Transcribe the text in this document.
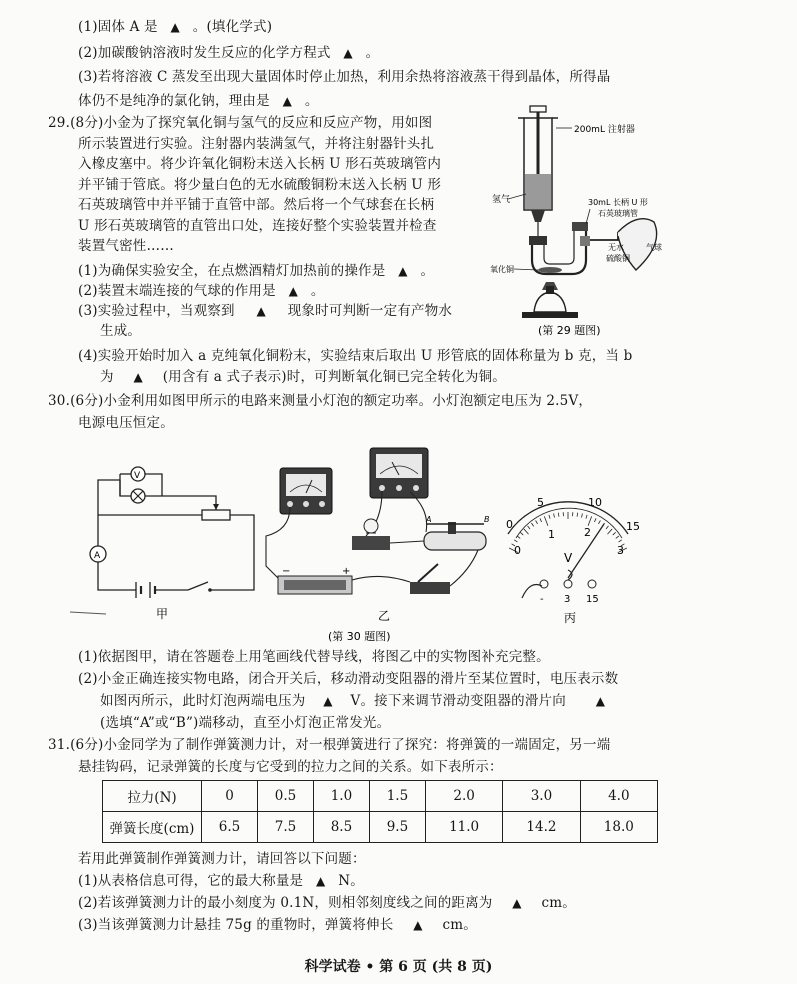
(1)固体 A 是 ▲ 。(填化学式)
(2)加碳酸钠溶液时发生反应的化学方程式 ▲ 。
(3)若将溶液 C 蒸发至出现大量固体时停止加热，利用余热将溶液蒸干得到晶体，所得晶
体仍不是纯净的氯化钠，理由是 ▲ 。
29.(8分)小金为了探究氧化铜与氢气的反应和反应产物，用如图
所示装置进行实验。注射器内装满氢气，并将注射器针头扎
入橡皮塞中。将少许氧化铜粉末送入长柄 U 形石英玻璃管内
并平铺于管底。将少量白色的无水硫酸铜粉末送入长柄 U 形
石英玻璃管中并平铺于直管中部。然后将一个气球套在长柄
U 形石英玻璃管的直管出口处，连接好整个实验装置并检查
装置气密性……
(1)为确保实验安全，在点燃酒精灯加热前的操作是 ▲ 。
(2)装置末端连接的气球的作用是 ▲ 。
(3)实验过程中，当观察到 ▲ 现象时可判断一定有产物水
生成。
(4)实验开始时加入 a 克纯氧化铜粉末，实验结束后取出 U 形管底的固体称量为 b 克，当 b
为 ▲ (用含有 a 式子表示)时，可判断氧化铜已完全转化为铜。
200mL 注射器
氢气	30mL 长柄 U 形
石英玻璃管
无水
硫酸铜
气球
氧化铜
(第 29 题图)
30.(6分)小金利用如图甲所示的电路来测量小灯泡的额定功率。小灯泡额定电压为 2.5V，
电源电压恒定。
V
A
甲
A	B
−	+
乙
0
5	10
15
0
1	2
3
V
- 3 15
丙
(第 30 题图)
(1)依据图甲，请在答题卷上用笔画线代替导线，将图乙中的实物图补充完整。
(2)小金正确连接实物电路，闭合开关后，移动滑动变阻器的滑片至某位置时，电压表示数
如图丙所示，此时灯泡两端电压为 ▲ V。接下来调节滑动变阻器的滑片向 ▲
(选填“A”或“B”)端移动，直至小灯泡正常发光。
31.(6分)小金同学为了制作弹簧测力计，对一根弹簧进行了探究：将弹簧的一端固定，另一端
悬挂钩码，记录弹簧的长度与它受到的拉力之间的关系。如下表所示：
拉力(N)	0	0.5	1.0	1.5	2.0	3.0	4.0
弹簧长度(cm)	6.5	7.5	8.5	9.5	11.0	14.2	18.0
若用此弹簧制作弹簧测力计，请回答以下问题：
(1)从表格信息可得，它的最大称量是 ▲ N。
(2)若该弹簧测力计的最小刻度为 0.1N，则相邻刻度线之间的距离为 ▲ cm。
(3)当该弹簧测力计悬挂 75g 的重物时，弹簧将伸长 ▲ cm。
科学试卷 • 第 6 页 (共 8 页)
